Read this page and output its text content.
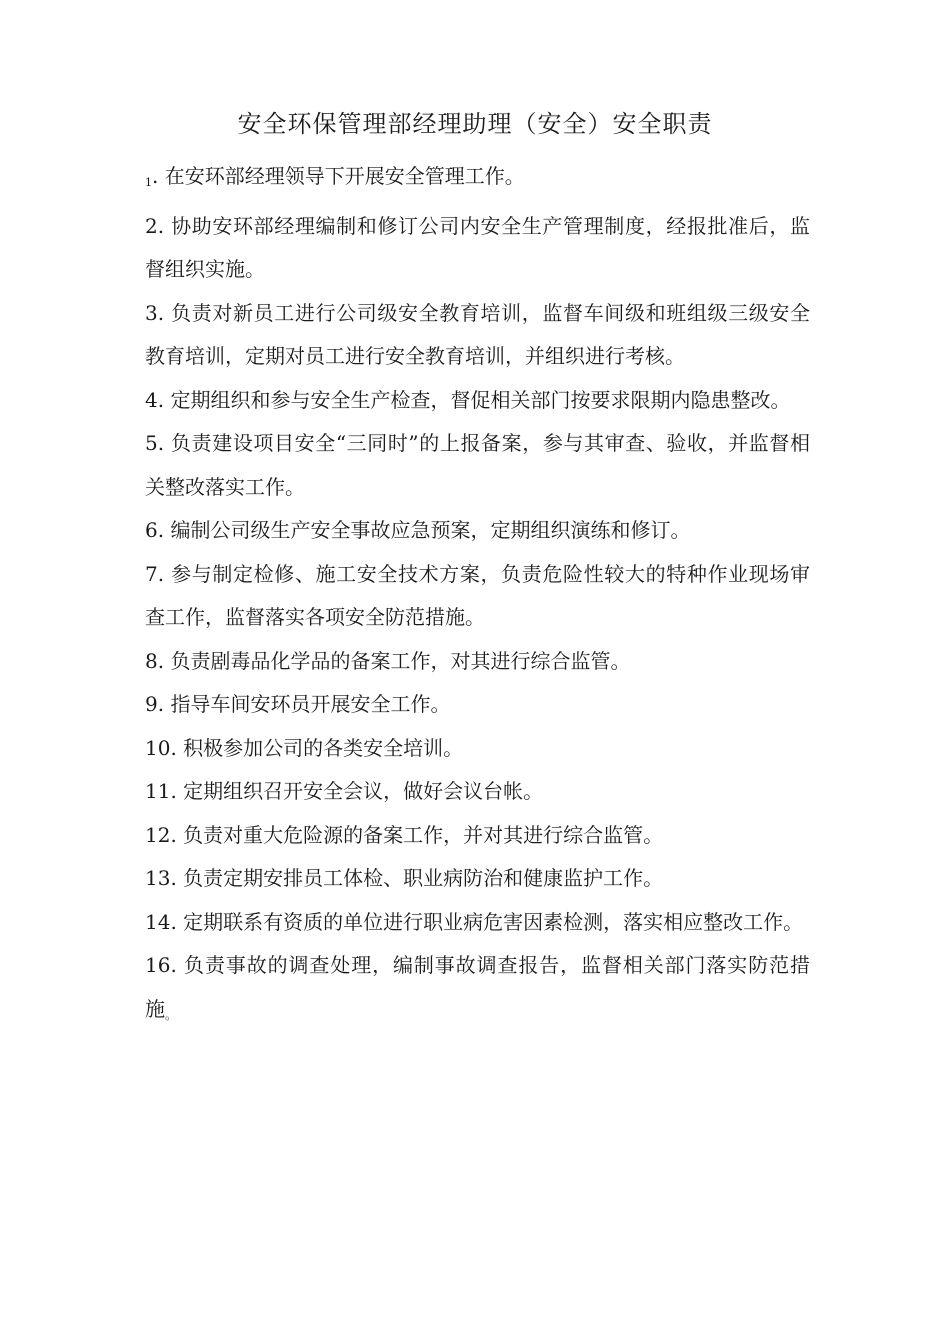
安全环保管理部经理助理（安全）安全职责

1. 在安环部经理领导下开展安全管理工作。

2. 协助安环部经理编制和修订公司内安全生产管理制度，经报批准后，监督组织实施。

3. 负责对新员工进行公司级安全教育培训，监督车间级和班组级三级安全教育培训，定期对员工进行安全教育培训，并组织进行考核。

4. 定期组织和参与安全生产检查，督促相关部门按要求限期内隐患整改。

5. 负责建设项目安全“三同时”的上报备案，参与其审查、验收，并监督相关整改落实工作。

6. 编制公司级生产安全事故应急预案，定期组织演练和修订。

7. 参与制定检修、施工安全技术方案，负责危险性较大的特种作业现场审查工作，监督落实各项安全防范措施。

8. 负责剧毒品化学品的备案工作，对其进行综合监管。

9. 指导车间安环员开展安全工作。

10. 积极参加公司的各类安全培训。

11. 定期组织召开安全会议，做好会议台帐。

12. 负责对重大危险源的备案工作，并对其进行综合监管。

13. 负责定期安排员工体检、职业病防治和健康监护工作。

14. 定期联系有资质的单位进行职业病危害因素检测，落实相应整改工作。

16. 负责事故的调查处理，编制事故调查报告，监督相关部门落实防范措施。
